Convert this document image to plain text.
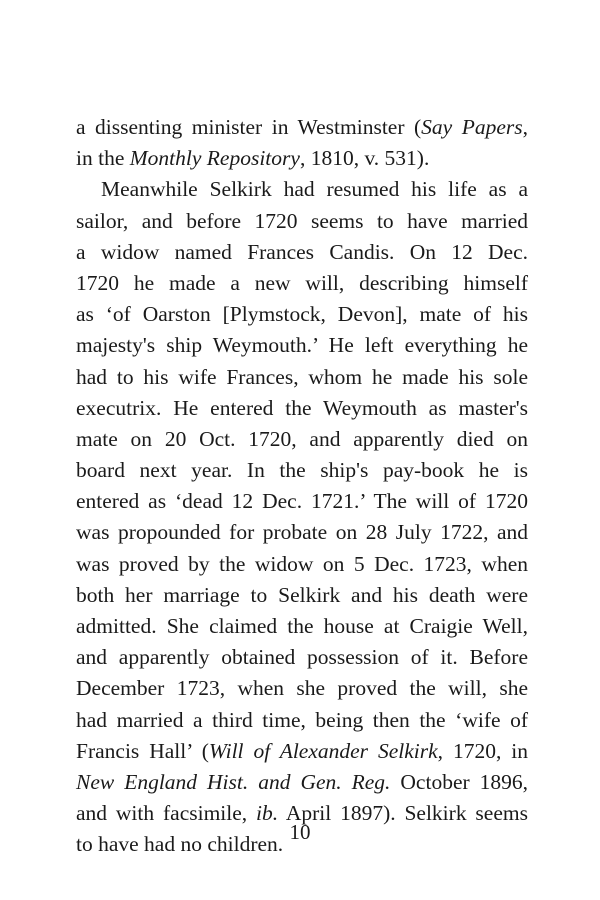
a dissenting minister in Westminster (Say Papers,
in the Monthly Repository, 1810, v. 531).
Meanwhile Selkirk had resumed his life as a
sailor, and before 1720 seems to have married
a widow named Frances Candis. On 12 Dec.
1720 he made a new will, describing himself
as ‘of Oarston [Plymstock, Devon], mate of his
majesty's ship Weymouth.’ He left everything he
had to his wife Frances, whom he made his sole
executrix. He entered the Weymouth as master's
mate on 20 Oct. 1720, and apparently died on
board next year. In the ship's pay-book he is
entered as ‘dead 12 Dec. 1721.’ The will of 1720
was propounded for probate on 28 July 1722, and
was proved by the widow on 5 Dec. 1723, when
both her marriage to Selkirk and his death were
admitted. She claimed the house at Craigie Well,
and apparently obtained possession of it. Before
December 1723, when she proved the will, she
had married a third time, being then the ‘wife of
Francis Hall’ (Will of Alexander Selkirk, 1720, in
New England Hist. and Gen. Reg. October 1896,
and with facsimile, ib. April 1897). Selkirk seems
to have had no children.
10
